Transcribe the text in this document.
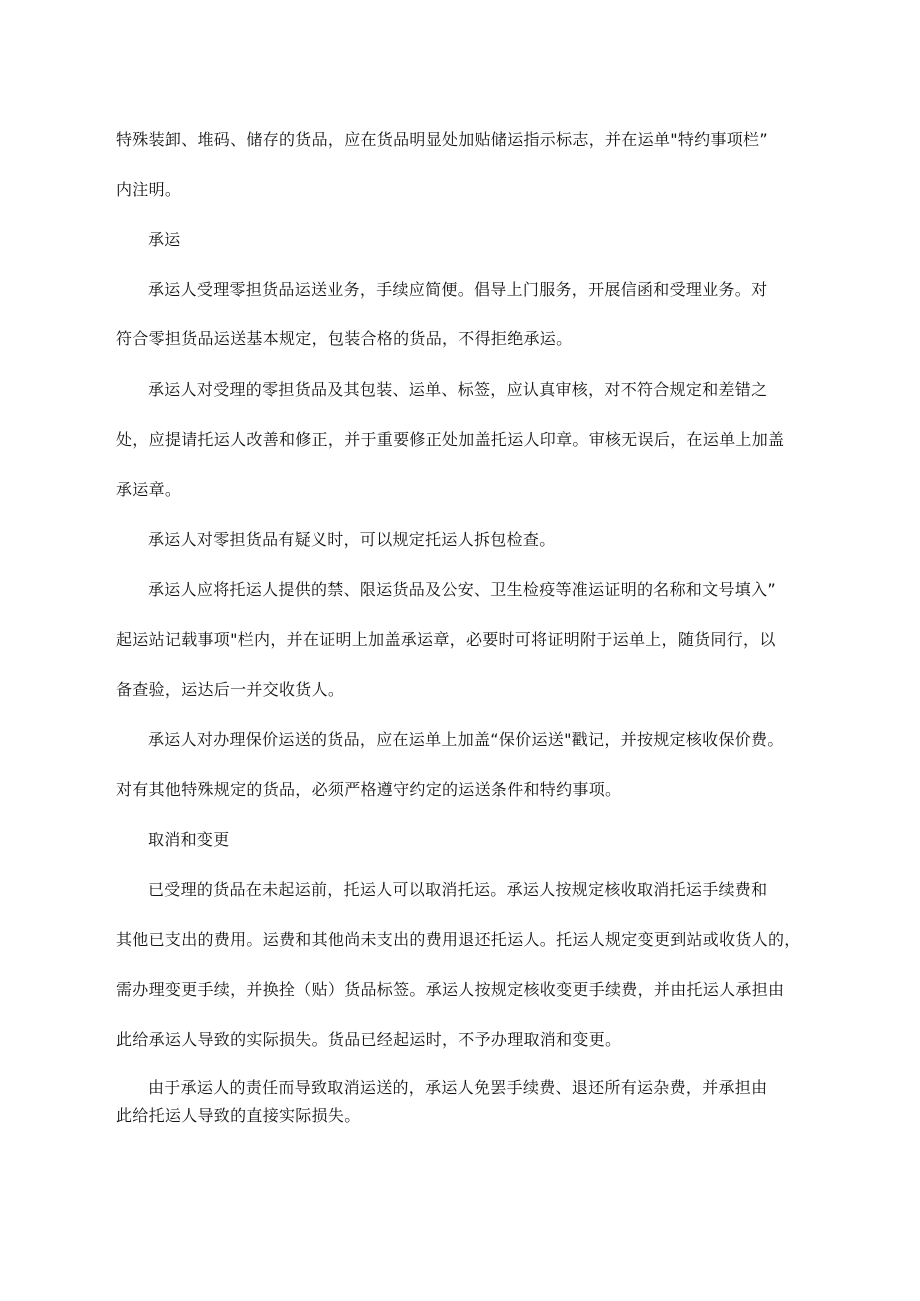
特殊装卸、堆码、储存的货品，应在货品明显处加贴储运指示标志，并在运单"特约事项栏”
内注明。
承运
承运人受理零担货品运送业务，手续应简便。倡导上门服务，开展信函和受理业务。对
符合零担货品运送基本规定，包装合格的货品，不得拒绝承运。
承运人对受理的零担货品及其包装、运单、标签，应认真审核，对不符合规定和差错之
处，应提请托运人改善和修正，并于重要修正处加盖托运人印章。审核无误后，在运单上加盖
承运章。
承运人对零担货品有疑义时，可以规定托运人拆包检查。
承运人应将托运人提供的禁、限运货品及公安、卫生检疫等准运证明的名称和文号填入”
起运站记载事项"栏内，并在证明上加盖承运章，必要时可将证明附于运单上，随货同行，以
备查验，运达后一并交收货人。
承运人对办理保价运送的货品，应在运单上加盖“保价运送"戳记，并按规定核收保价费。
对有其他特殊规定的货品，必须严格遵守约定的运送条件和特约事项。
取消和变更
已受理的货品在未起运前，托运人可以取消托运。承运人按规定核收取消托运手续费和
其他已支出的费用。运费和其他尚未支出的费用退还托运人。托运人规定变更到站或收货人的，
需办理变更手续，并换拴（贴）货品标签。承运人按规定核收变更手续费，并由托运人承担由
此给承运人导致的实际损失。货品已经起运时，不予办理取消和变更。
由于承运人的责任而导致取消运送的，承运人免罢手续费、退还所有运杂费，并承担由
此给托运人导致的直接实际损失。
